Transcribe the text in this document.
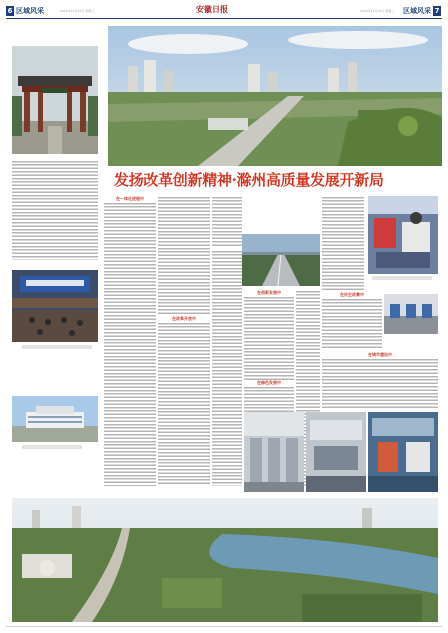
6 区域风采	2019年12月25日 星期三	安徽日报	2019年12月25日 星期三 区域风采 7
发扬改革创新精神·滁州高质量发展开新局
在一体化进程中
在改革开放中
在创新发展中
在绿色发展中
在民生改善中
在城市建设中
